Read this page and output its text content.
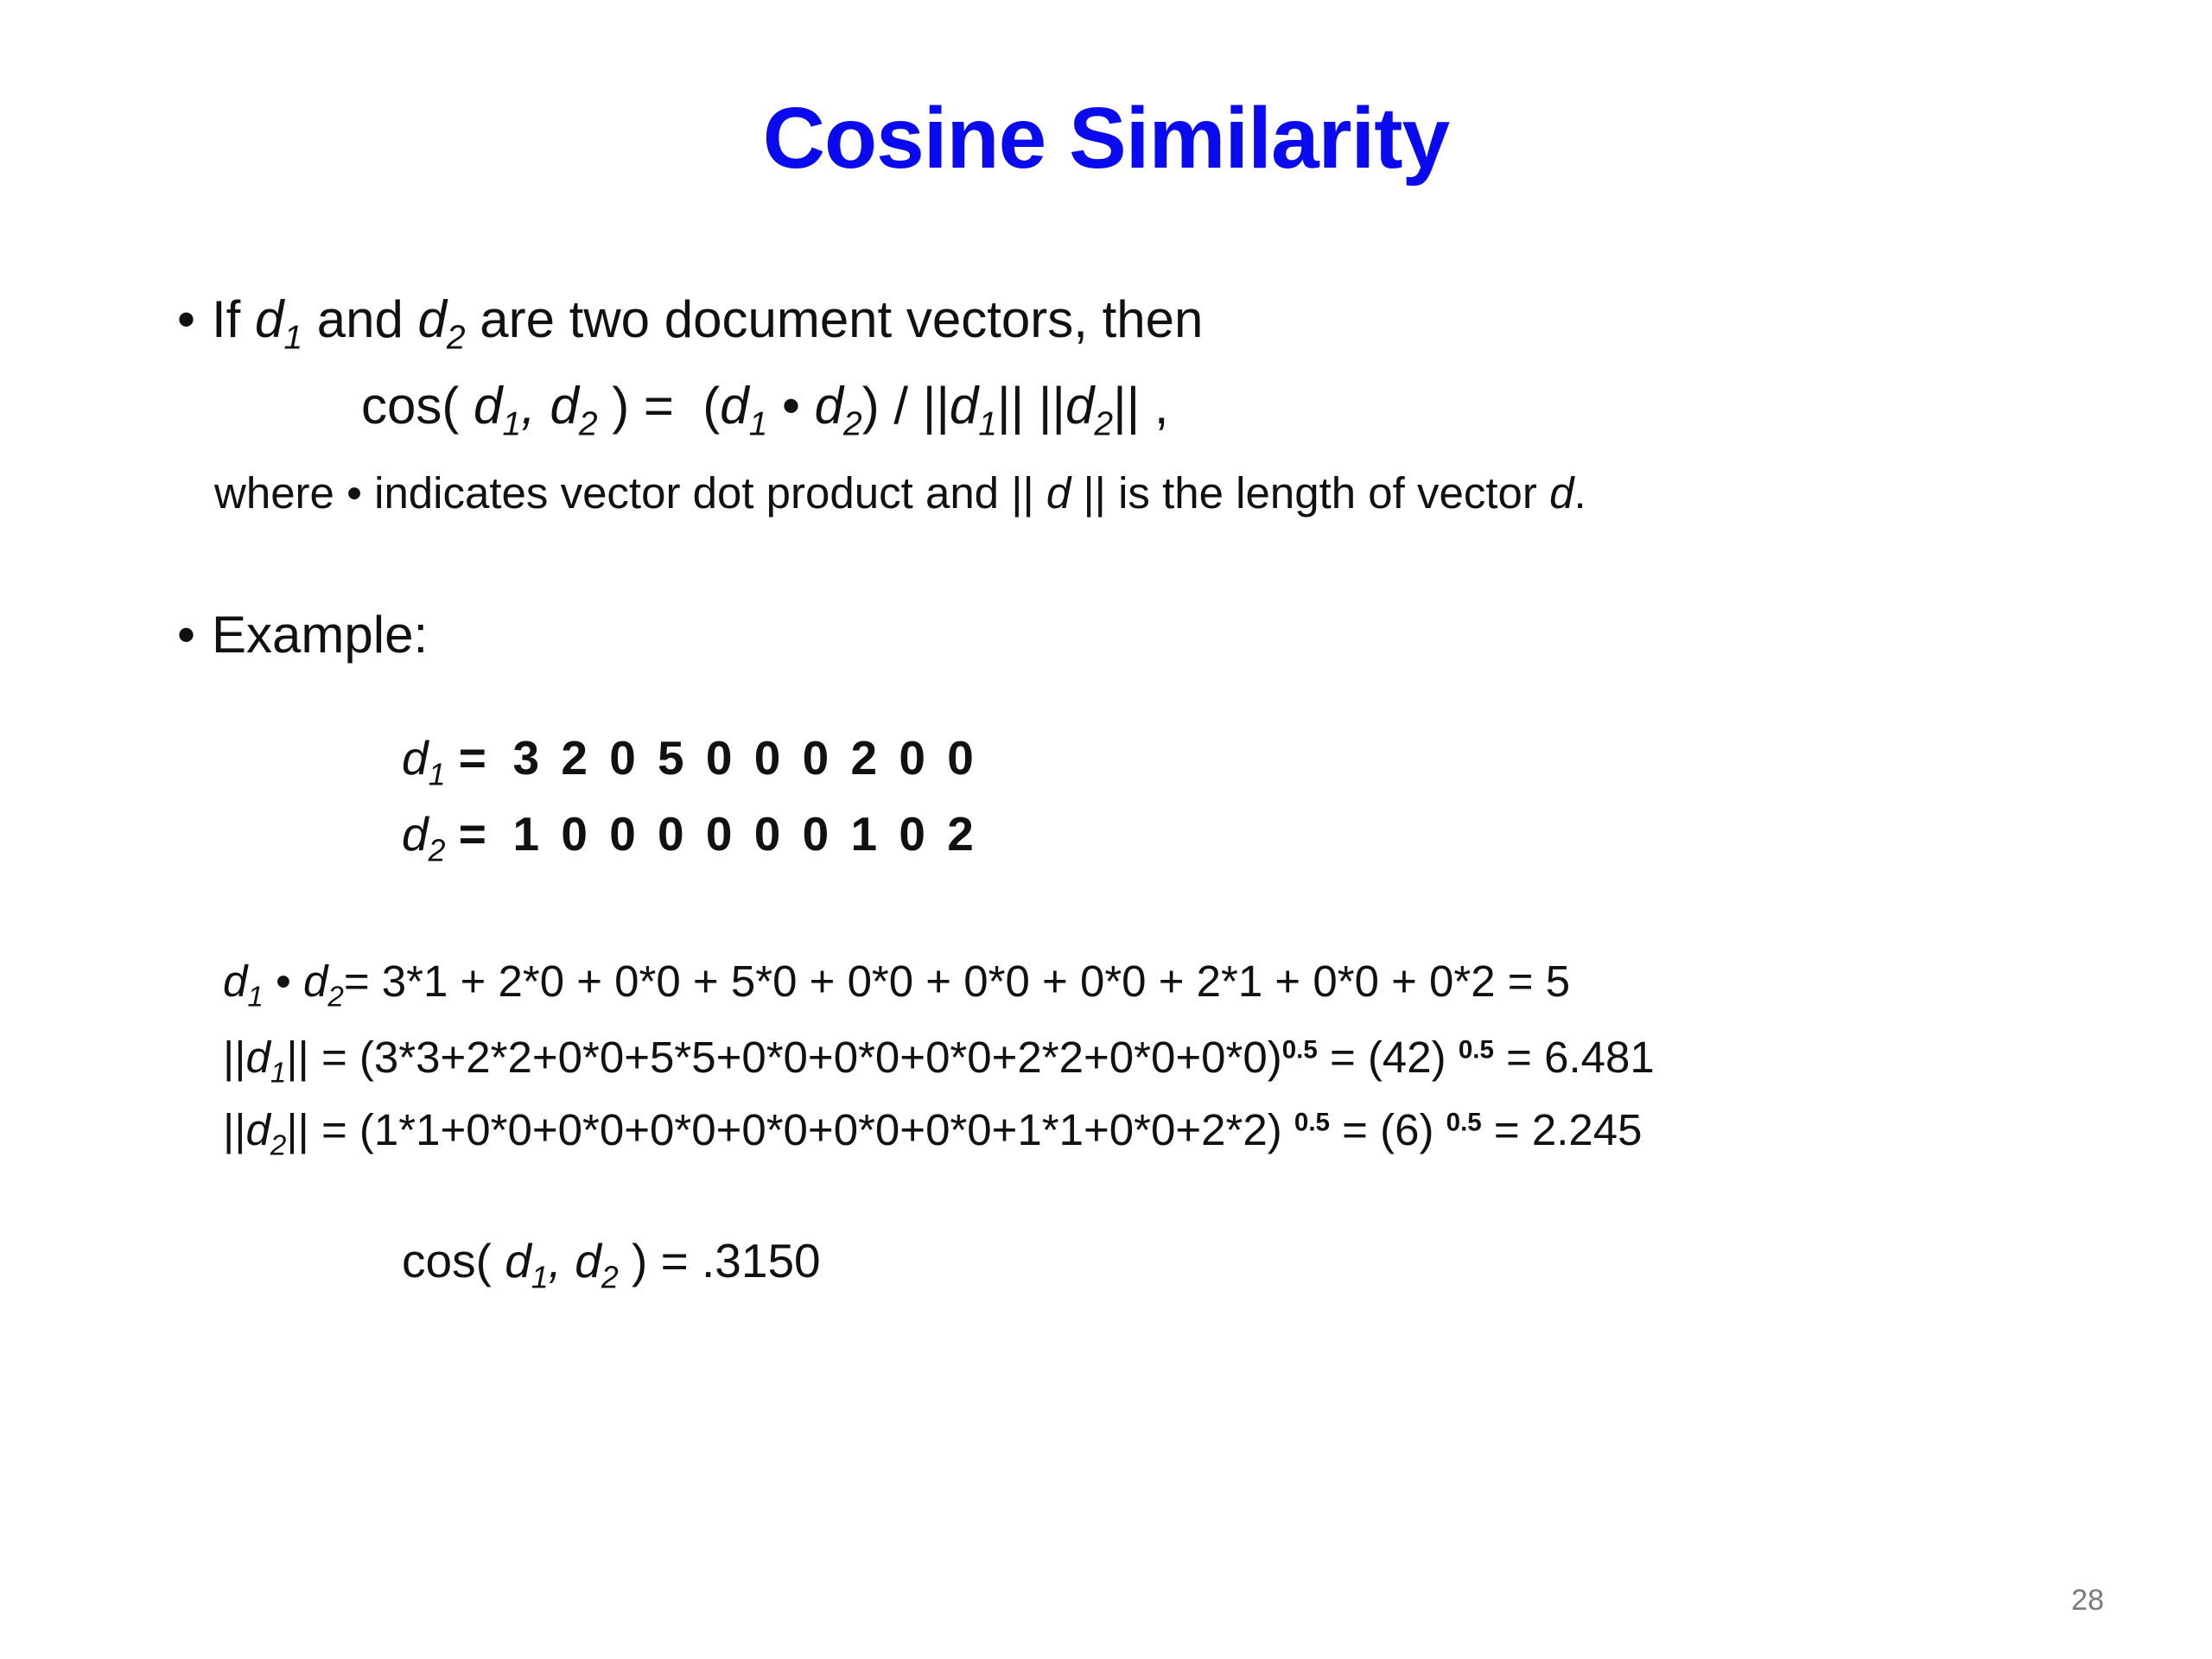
Cosine Similarity
• If $d_1$ and $d_2$ are two document vectors, then
cos( $d_1$, $d_2$ ) = ($d_1$ • $d_2) / ||d_1||$ $||d_2||$ ,
where • indicates vector dot product and || d || is the length of vector d.
• Example:
$d_1 = 3$ 2 0 5 0 0 0 2 0 0
$d_2 = 1$ 0 0 0 0 0 0 1 0 2
$d_1$ • $d_2= 3*1 + 2*0 + 0*0 + 5*0 + 0*0 + 0*0 + 0*0 + 2*1 + 0*0 + 0*2 = 5$
$||d_1|| = (3*3+2*2+0*0+5*5+0*0+0*0+0*0+2*2+0*0+0*0)^{0.5} = (42) ^{0.5} = 6.481$
$||d_2|| = (1*1+0*0+0*0+0*0+0*0+0*0+0*0+1*1+0*0+2*2) ^{0.5} = (6) ^{0.5} = 2.245$
cos( $d_1$, $d_2$ ) = .3150
28
